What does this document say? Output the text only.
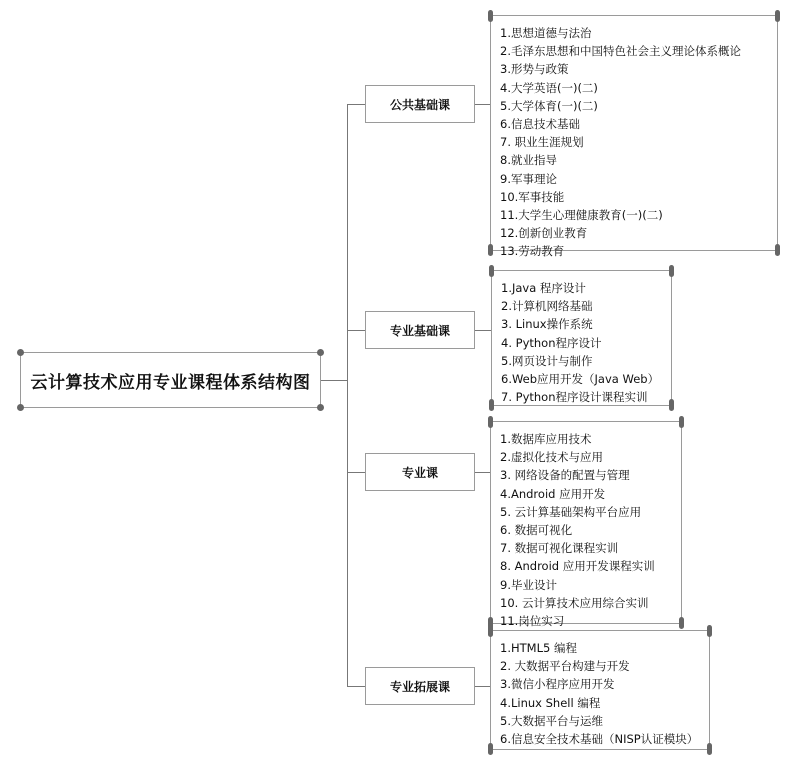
云计算技术应用专业课程体系结构图
公共基础课
专业基础课
专业课
专业拓展课
1.思想道德与法治
2.毛泽东思想和中国特色社会主义理论体系概论
3.形势与政策
4.大学英语(一)(二)
5.大学体育(一)(二)
6.信息技术基础
7. 职业生涯规划
8.就业指导
9.军事理论
10.军事技能
11.大学生心理健康教育(一)(二)
12.创新创业教育
13.劳动教育
1.Java 程序设计
2.计算机网络基础
3. Linux操作系统
4. Python程序设计
5.网页设计与制作
6.Web应用开发（Java Web）
7. Python程序设计课程实训
1.数据库应用技术
2.虚拟化技术与应用
3. 网络设备的配置与管理
4.Android 应用开发
5. 云计算基础架构平台应用
6. 数据可视化
7. 数据可视化课程实训
8. Android 应用开发课程实训
9.毕业设计
10. 云计算技术应用综合实训
11.岗位实习
1.HTML5 编程
2. 大数据平台构建与开发
3.微信小程序应用开发
4.Linux Shell 编程
5.大数据平台与运维
6.信息安全技术基础（NISP认证模块）
